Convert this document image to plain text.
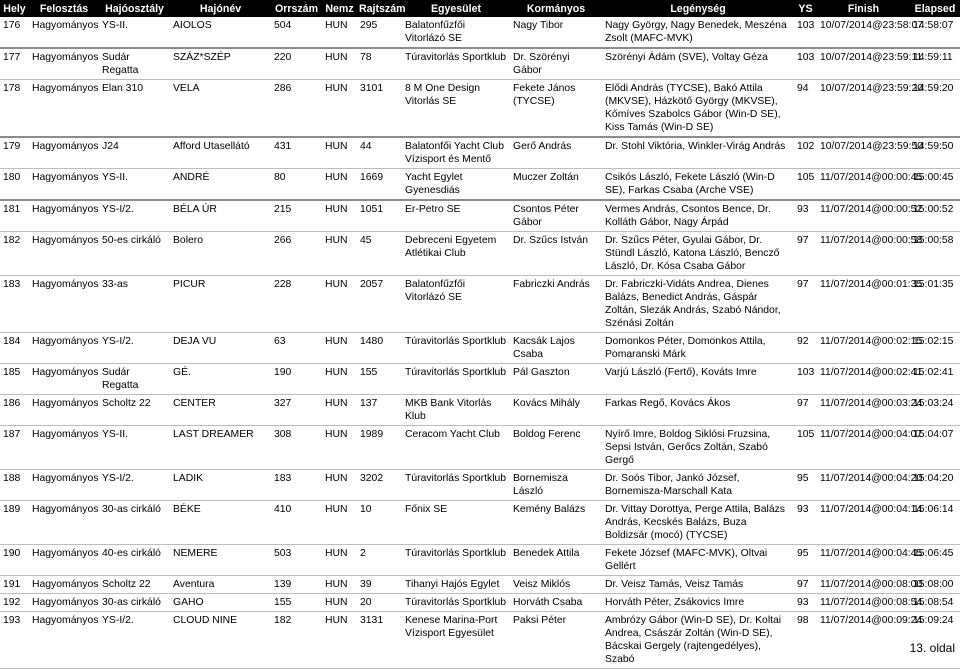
Hely	Felosztás	Hajóosztály	Hajónév	Orrszám	Nemz	Rajtszám	Egyesület	Kormányos	Legénység	YS	Finish	Elapsed
176	Hagyományos	YS-II.	AIOLOS	504	HUN	295	Balatonfűzfői Vitorlázó SE	Nagy Tibor	Nagy György, Nagy Benedek, Meszéna Zsolt (MAFC-MVK)	103	10/07/2014@23:58:07	14:58:07
177	Hagyományos	Sudár Regatta	SZÁZ*SZÉP	220	HUN	78	Túravitorlás Sportklub	Dr. Szörényi Gábor	Szörényi Ádám (SVE), Voltay Géza	103	10/07/2014@23:59:11	14:59:11
178	Hagyományos	Elan 310	VELA	286	HUN	3101	8 M One Design Vitorlás SE	Fekete János (TYCSE)	Elődi András (TYCSE), Bakó Attila (MKVSE), Házkötő György (MKVSE), Kőmíves Szabolcs Gábor (Win-D SE), Kiss Tamás (Win-D SE)	94	10/07/2014@23:59:20	14:59:20
179	Hagyományos	J24	Afford Utasellátó	431	HUN	44	Balatonfői Yacht Club Vízisport és Mentő	Gerő András	Dr. Stohl Viktória, Winkler-Virág András	102	10/07/2014@23:59:50	14:59:50
180	Hagyományos	YS-II.	ANDRÉ	80	HUN	1669	Yacht Egylet Gyenesdiás	Muczer Zoltán	Csikós László, Fekete László (Win-D SE), Farkas Csaba (Arche VSE)	105	11/07/2014@00:00:45	15:00:45
181	Hagyományos	YS-I/2.	BÉLA ÚR	215	HUN	1051	Er-Petro SE	Csontos Péter Gábor	Vermes András, Csontos Bence, Dr. Kolláth Gábor, Nagy Árpád	93	11/07/2014@00:00:52	15:00:52
182	Hagyományos	50-es cirkáló	Bolero	266	HUN	45	Debreceni Egyetem Atlétikai Club	Dr. Szűcs István	Dr. Szűcs Péter, Gyulai Gábor, Dr. Stündl László, Katona László, Bencző László, Dr. Kósa Csaba Gábor	97	11/07/2014@00:00:58	15:00:58
183	Hagyományos	33-as	PICUR	228	HUN	2057	Balatonfűzfői Vitorlázó SE	Fabriczki András	Dr. Fabriczki-Vidáts Andrea, Dienes Balázs, Benedict András, Gáspár Zoltán, Slezák András, Szabó Nándor, Szénási Zoltán	97	11/07/2014@00:01:35	15:01:35
184	Hagyományos	YS-I/2.	DEJA VU	63	HUN	1480	Túravitorlás Sportklub	Kacsák Lajos Csaba	Domonkos Péter, Domonkos Attila, Pomaranski Márk	92	11/07/2014@00:02:15	15:02:15
185	Hagyományos	Sudár Regatta	GÉ.	190	HUN	155	Túravitorlás Sportklub	Pál Gaszton	Varjú László (Fertő), Kováts Imre	103	11/07/2014@00:02:41	15:02:41
186	Hagyományos	Scholtz 22	CENTER	327	HUN	137	MKB Bank Vitorlás Klub	Kovács Mihály	Farkas Regő, Kovács Ákos	97	11/07/2014@00:03:24	15:03:24
187	Hagyományos	YS-II.	LAST DREAMER	308	HUN	1989	Ceracom Yacht Club	Boldog Ferenc	Nyírő Imre, Boldog Siklósi Fruzsina, Sepsi István, Gerőcs Zoltán, Szabó Gergő	105	11/07/2014@00:04:07	15:04:07
188	Hagyományos	YS-I/2.	LADIK	183	HUN	3202	Túravitorlás Sportklub	Bornemisza László	Dr. Soós Tibor, Jankó József, Bornemisza-Marschall Kata	95	11/07/2014@00:04:20	15:04:20
189	Hagyományos	30-as cirkáló	BÉKE	410	HUN	10	Főnix SE	Kemény Balázs	Dr. Vittay Dorottya, Perge Attila, Balázs András, Kecskés Balázs, Buza Boldizsár (mocó) (TYCSE)	93	11/07/2014@00:04:14	15:06:14
190	Hagyományos	40-es cirkáló	NEMERE	503	HUN	2	Túravitorlás Sportklub	Benedek Attila	Fekete József (MAFC-MVK), Oltvai Gellért	95	11/07/2014@00:04:45	15:06:45
191	Hagyományos	Scholtz 22	Aventura	139	HUN	39	Tihanyi Hajós Egylet	Veisz Miklós	Dr. Veisz Tamás, Veisz Tamás	97	11/07/2014@00:08:00	15:08:00
192	Hagyományos	30-as cirkáló	GAHO	155	HUN	20	Túravitorlás Sportklub	Horváth Csaba	Horváth Péter, Zsákovics Imre	93	11/07/2014@00:08:54	15:08:54
193	Hagyományos	YS-I/2.	CLOUD NINE	182	HUN	3131	Kenese Marina-Port Vízisport Egyesület	Paksi Péter	Ambrózy Gábor (Win-D SE), Dr. Koltai Andrea, Császár Zoltán (Win-D SE), Bácskai Gergely (rajtengedélyes), Szabó	98	11/07/2014@00:09:24	15:09:24
13. oldal
